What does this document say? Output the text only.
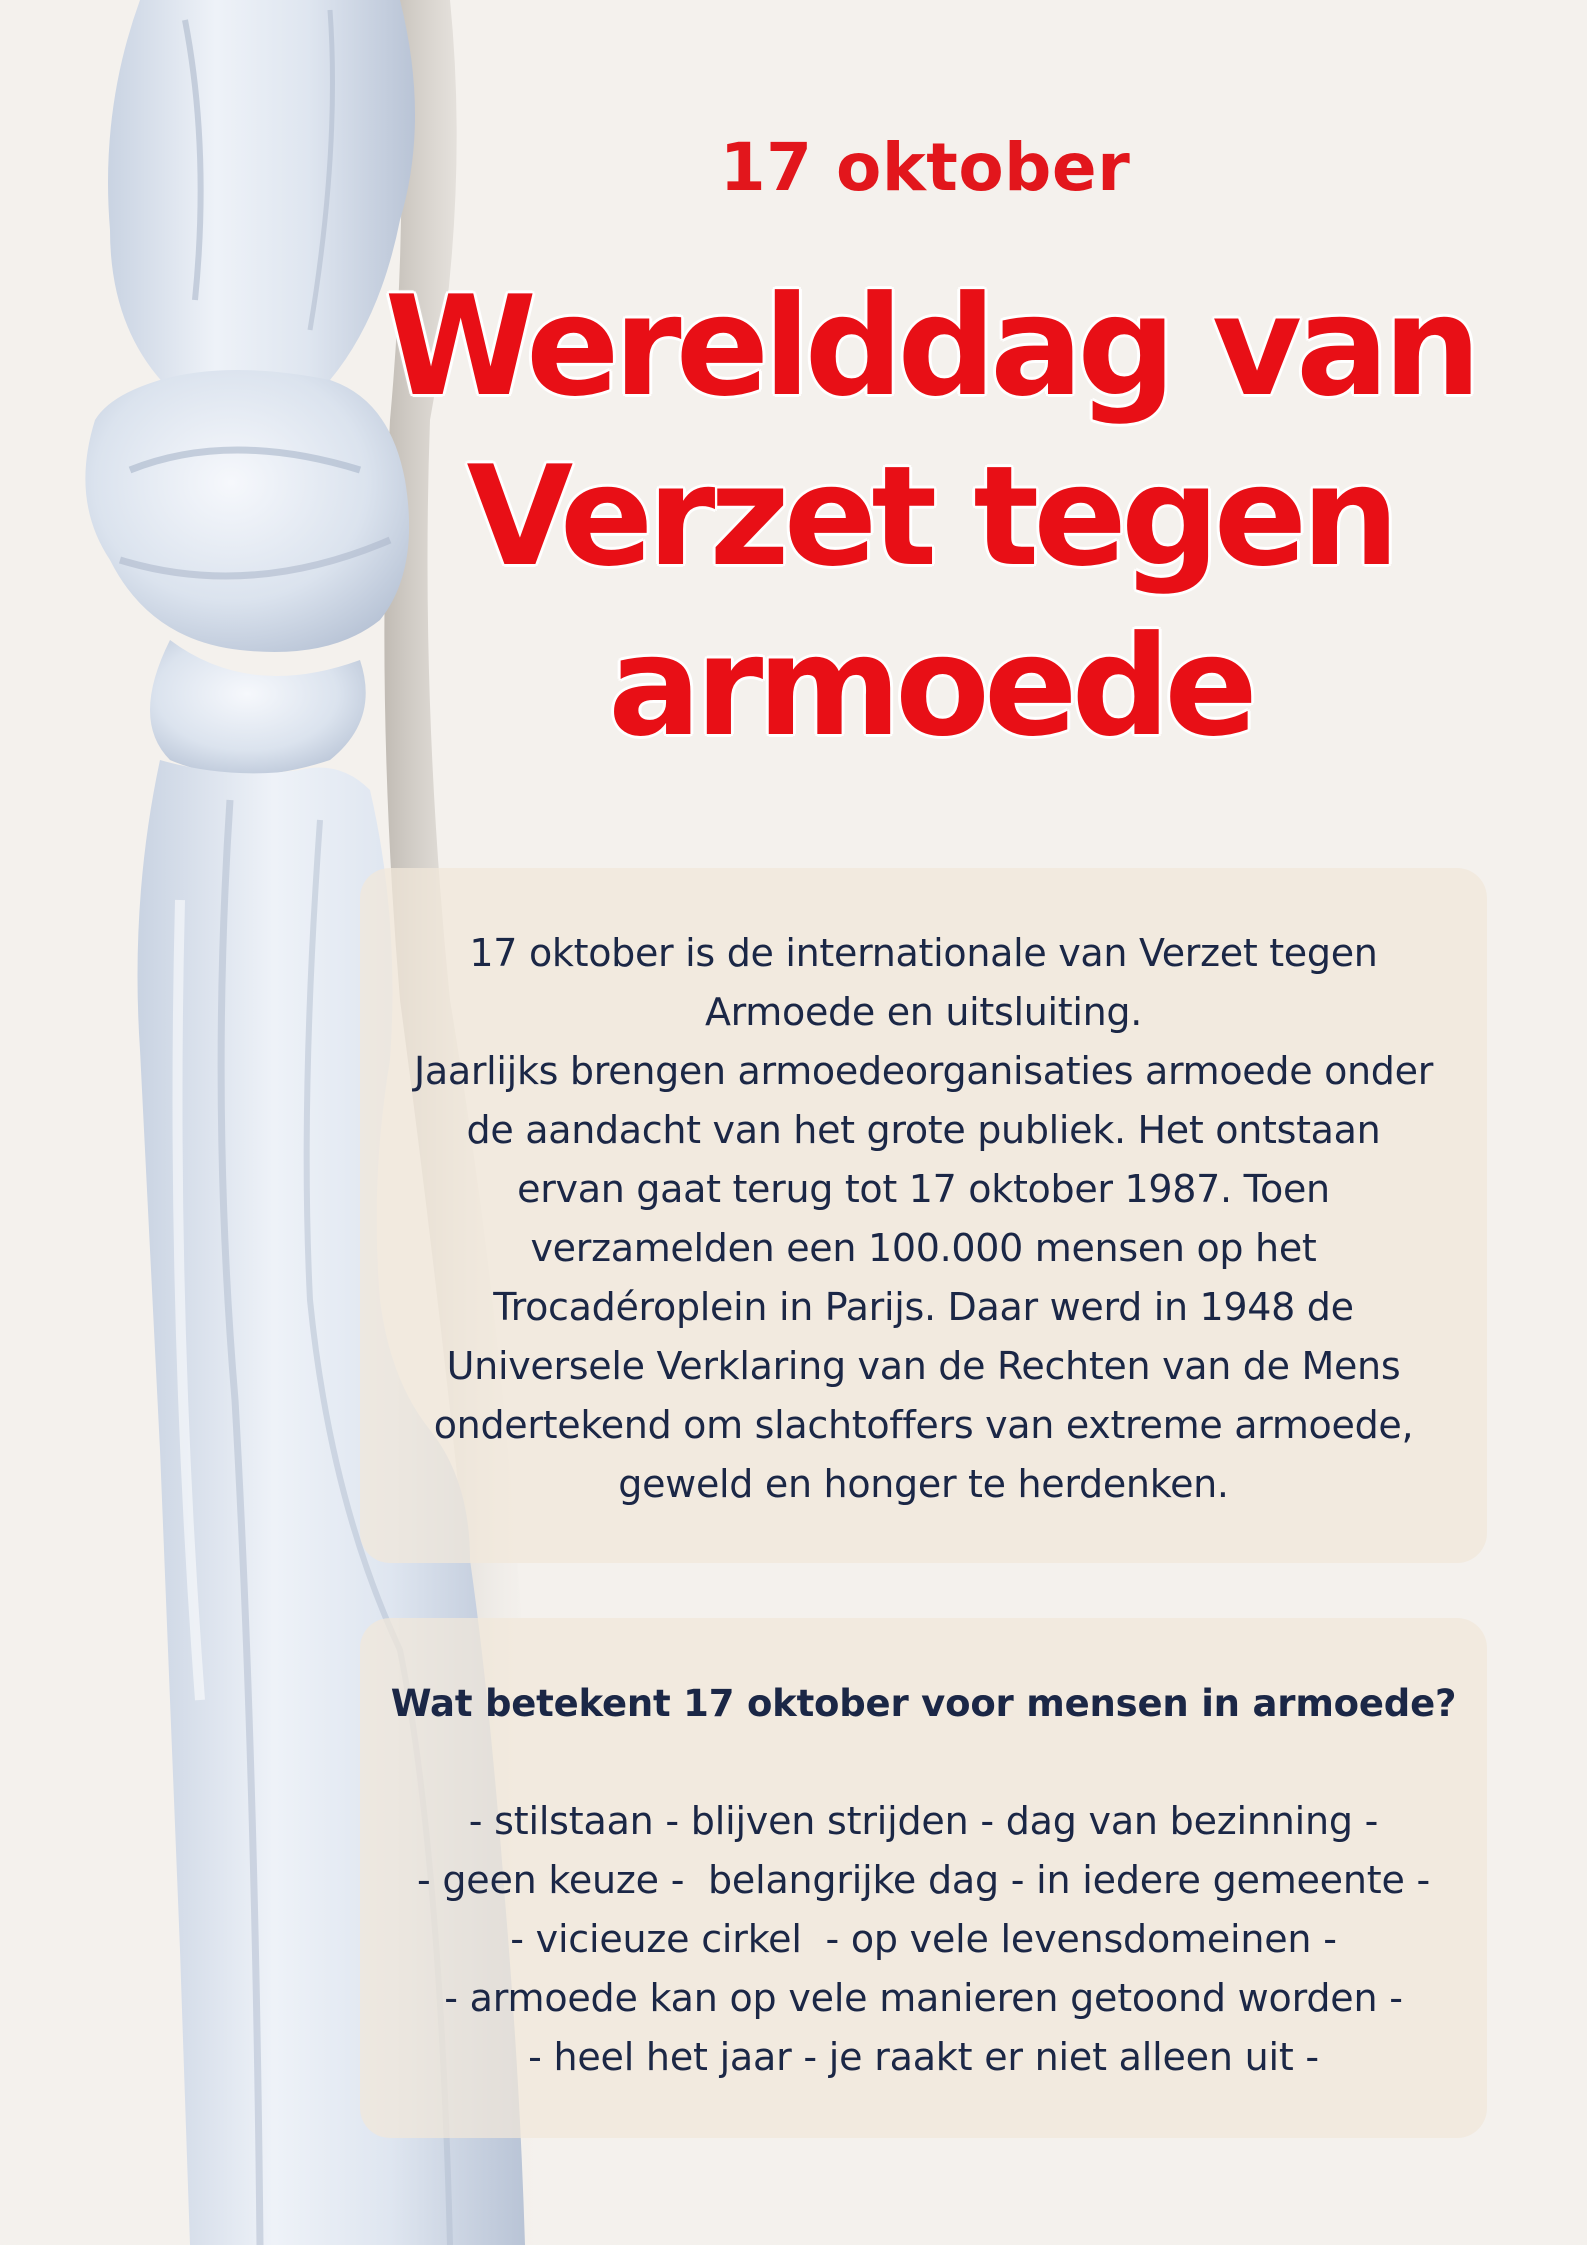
17 oktober
Werelddag van
Verzet tegen
armoede

17 oktober is de internationale van Verzet tegen
Armoede en uitsluiting.
Jaarlijks brengen armoedeorganisaties armoede onder
de aandacht van het grote publiek. Het ontstaan
ervan gaat terug tot 17 oktober 1987. Toen
verzamelden een 100.000 mensen op het
Trocadéroplein in Parijs. Daar werd in 1948 de
Universele Verklaring van de Rechten van de Mens
ondertekend om slachtoffers van extreme armoede,
geweld en honger te herdenken.

Wat betekent 17 oktober voor mensen in armoede?

- stilstaan - blijven strijden - dag van bezinning -
- geen keuze -  belangrijke dag - in iedere gemeente -
- vicieuze cirkel  - op vele levensdomeinen -
- armoede kan op vele manieren getoond worden -
- heel het jaar - je raakt er niet alleen uit -
